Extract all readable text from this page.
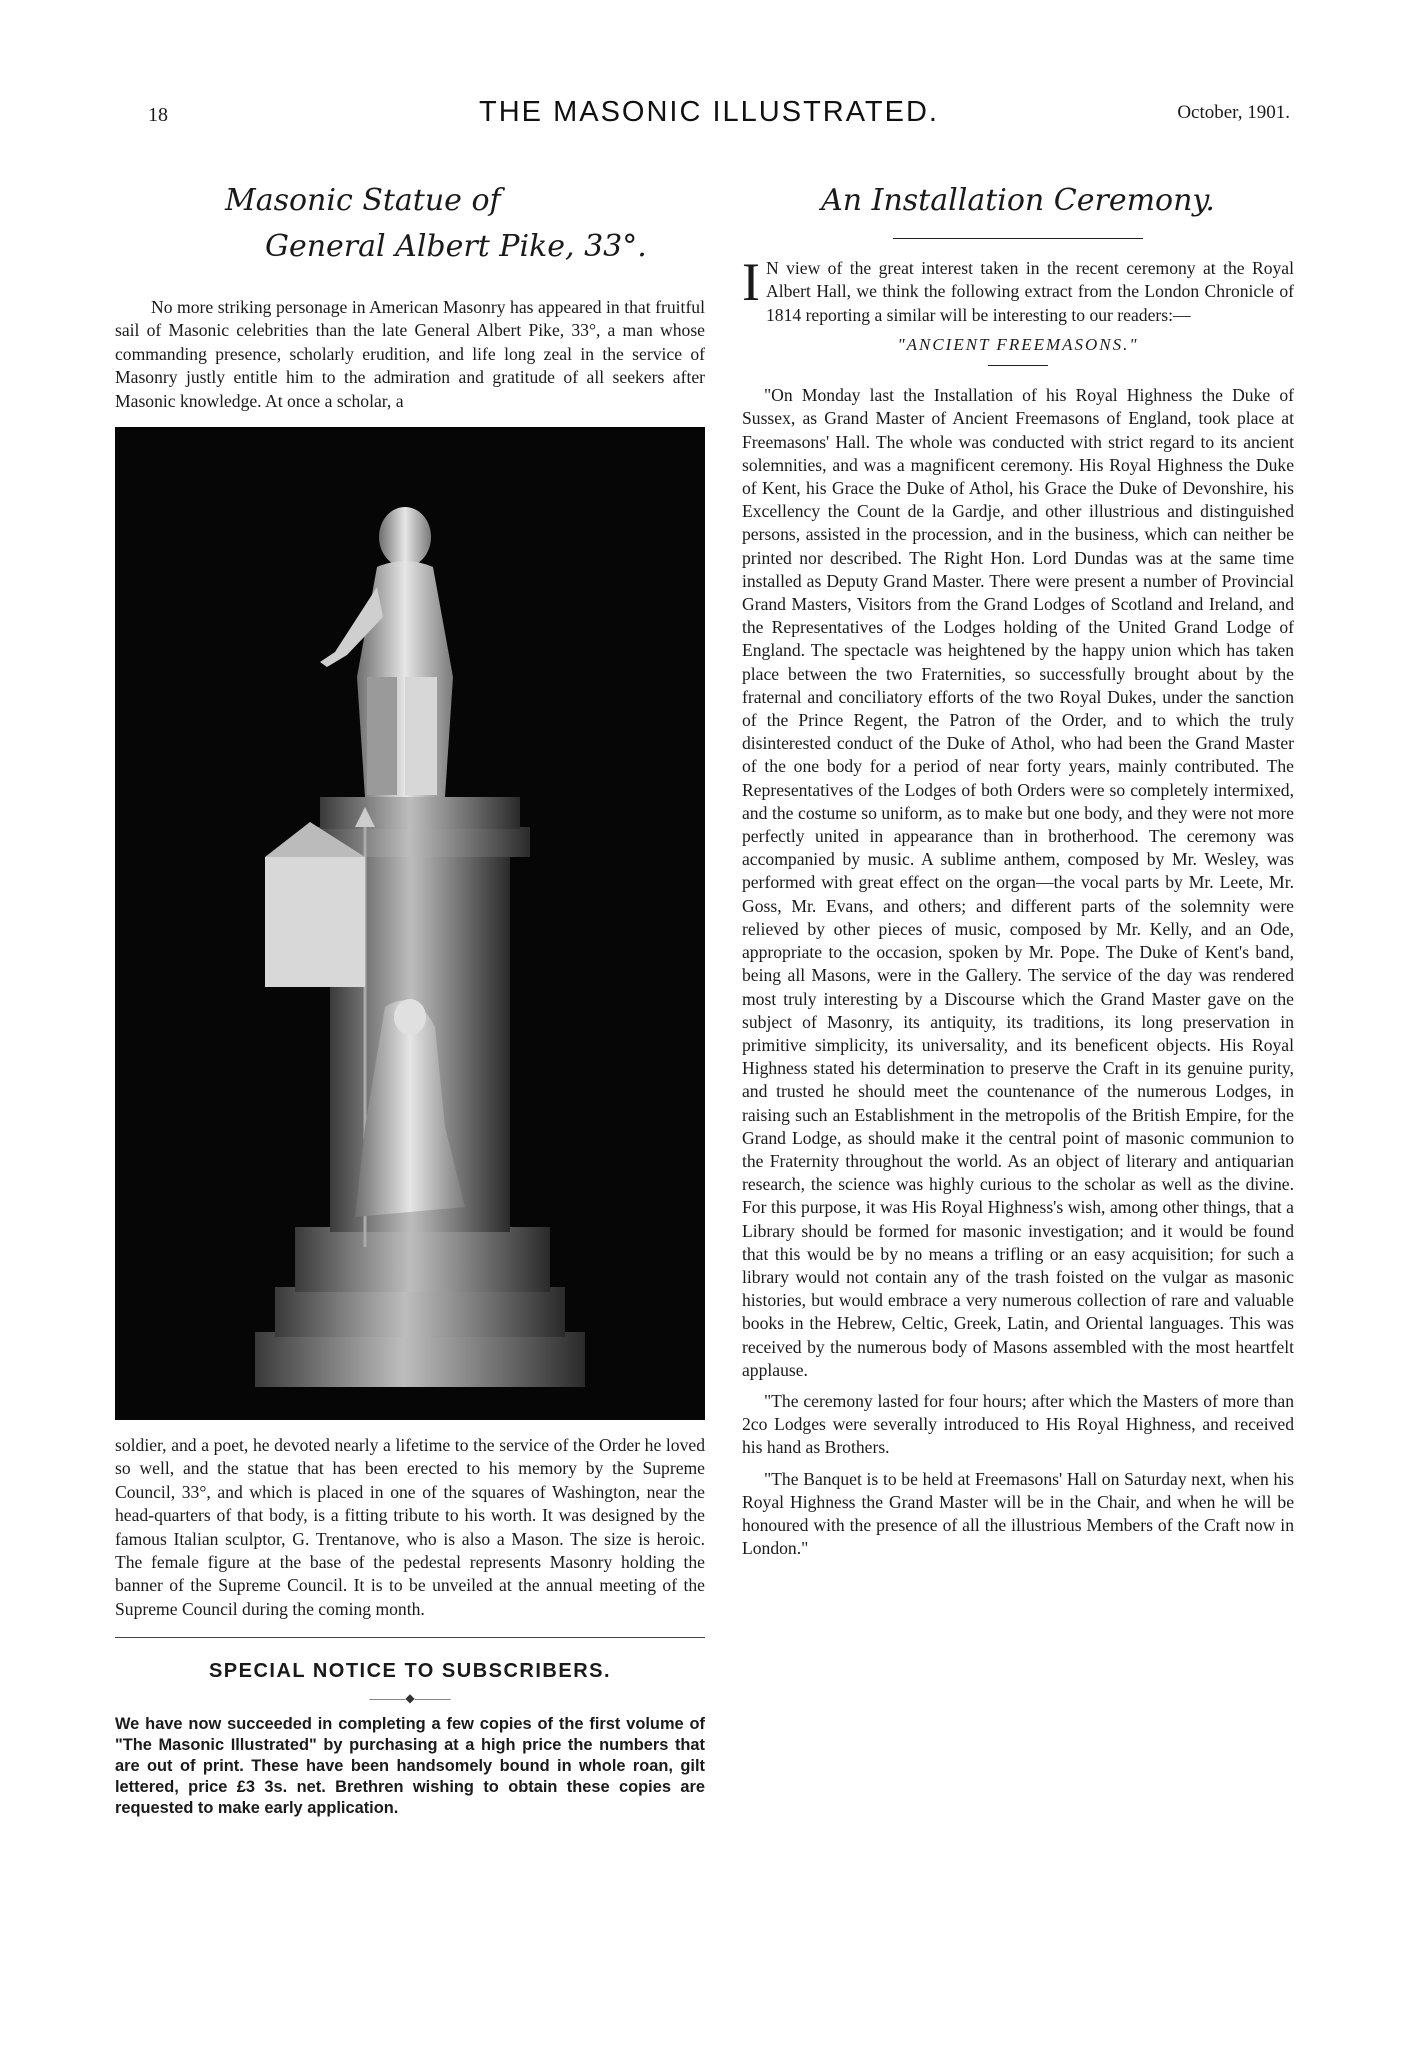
18	THE MASONIC ILLUSTRATED.	October, 1901.
Masonic Statue of
General Albert Pike, 33°.

No more striking personage in American Masonry has appeared in that fruitful sail of Masonic celebrities than the late General Albert Pike, 33°, a man whose commanding presence, scholarly erudition, and life long zeal in the service of Masonry justly entitle him to the admiration and gratitude of all seekers after Masonic knowledge. At once a scholar, a

soldier, and a poet, he devoted nearly a lifetime to the service of the Order he loved so well, and the statue that has been erected to his memory by the Supreme Council, 33°, and which is placed in one of the squares of Washington, near the head-quarters of that body, is a fitting tribute to his worth. It was designed by the famous Italian sculptor, G. Trentanove, who is also a Mason. The size is heroic. The female figure at the base of the pedestal represents Masonry holding the banner of the Supreme Council. It is to be unveiled at the annual meeting of the Supreme Council during the coming month.

SPECIAL NOTICE TO SUBSCRIBERS.
———◆———

We have now succeeded in completing a few copies of the first volume of "The Masonic Illustrated" by purchasing at a high price the numbers that are out of print. These have been handsomely bound in whole roan, gilt lettered, price £3 3s. net. Brethren wishing to obtain these copies are requested to make early application.

An Installation Ceremony.

I N view of the great interest taken in the recent ceremony at the Royal Albert Hall, we think the following extract from the London Chronicle of 1814 reporting a similar will be interesting to our readers:—

"ANCIENT FREEMASONS."

"On Monday last the Installation of his Royal Highness the Duke of Sussex, as Grand Master of Ancient Freemasons of England, took place at Freemasons' Hall. The whole was conducted with strict regard to its ancient solemnities, and was a magnificent ceremony. His Royal Highness the Duke of Kent, his Grace the Duke of Athol, his Grace the Duke of Devonshire, his Excellency the Count de la Gardje, and other illustrious and distinguished persons, assisted in the procession, and in the business, which can neither be printed nor described. The Right Hon. Lord Dundas was at the same time installed as Deputy Grand Master. There were present a number of Provincial Grand Masters, Visitors from the Grand Lodges of Scotland and Ireland, and the Representatives of the Lodges holding of the United Grand Lodge of England. The spectacle was heightened by the happy union which has taken place between the two Fraternities, so successfully brought about by the fraternal and conciliatory efforts of the two Royal Dukes, under the sanction of the Prince Regent, the Patron of the Order, and to which the truly disinterested conduct of the Duke of Athol, who had been the Grand Master of the one body for a period of near forty years, mainly contributed. The Representatives of the Lodges of both Orders were so completely intermixed, and the costume so uniform, as to make but one body, and they were not more perfectly united in appearance than in brotherhood. The ceremony was accompanied by music. A sublime anthem, composed by Mr. Wesley, was performed with great effect on the organ—the vocal parts by Mr. Leete, Mr. Goss, Mr. Evans, and others; and different parts of the solemnity were relieved by other pieces of music, composed by Mr. Kelly, and an Ode, appropriate to the occasion, spoken by Mr. Pope. The Duke of Kent's band, being all Masons, were in the Gallery. The service of the day was rendered most truly interesting by a Discourse which the Grand Master gave on the subject of Masonry, its antiquity, its traditions, its long preservation in primitive simplicity, its universality, and its beneficent objects. His Royal Highness stated his determination to preserve the Craft in its genuine purity, and trusted he should meet the countenance of the numerous Lodges, in raising such an Establishment in the metropolis of the British Empire, for the Grand Lodge, as should make it the central point of masonic communion to the Fraternity throughout the world. As an object of literary and antiquarian research, the science was highly curious to the scholar as well as the divine. For this purpose, it was His Royal Highness's wish, among other things, that a Library should be formed for masonic investigation; and it would be found that this would be by no means a trifling or an easy acquisition; for such a library would not contain any of the trash foisted on the vulgar as masonic histories, but would embrace a very numerous collection of rare and valuable books in the Hebrew, Celtic, Greek, Latin, and Oriental languages. This was received by the numerous body of Masons assembled with the most heartfelt applause.

"The ceremony lasted for four hours; after which the Masters of more than 2co Lodges were severally introduced to His Royal Highness, and received his hand as Brothers.

"The Banquet is to be held at Freemasons' Hall on Saturday next, when his Royal Highness the Grand Master will be in the Chair, and when he will be honoured with the presence of all the illustrious Members of the Craft now in London."
